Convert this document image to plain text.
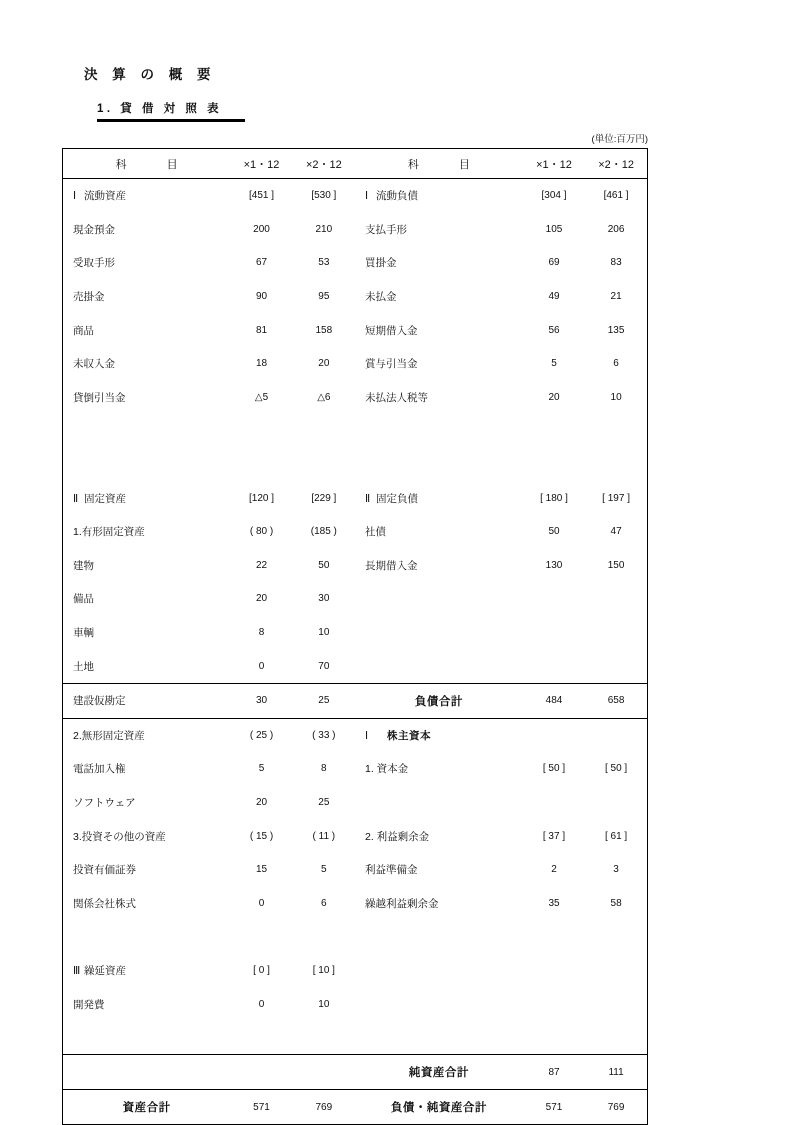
決 算 の 概 要
1. 貸 借 対 照 表
(単位:百万円)
科　　目	×1・12	×2・12	科　　目	×1・12	×2・12
Ⅰ 流動資産	[451 ]	[530 ]	Ⅰ 流動負債	[304 ]	[461 ]
現金預金	200	210	支払手形	105	206
受取手形	67	53	買掛金	69	83
売掛金	90	95	未払金	49	21
商品	81	158	短期借入金	56	135
未収入金	18	20	賞与引当金	5	6
貸倒引当金	△5	△6	未払法人税等	20	10

Ⅱ 固定資産	[120 ]	[229 ]	Ⅱ 固定負債	[ 180 ]	[ 197 ]
1.有形固定資産	( 80 )	(185 )	社債	50	47
建物	22	50	長期借入金	130	150
備品	20	30			
車輌	8	10			
土地	0	70			
建設仮勘定	30	25	負債合計	484	658
2.無形固定資産	( 25 )	( 33 )	Ⅰ 株主資本		
電話加入権	5	8	1. 資本金	[ 50 ]	[ 50 ]
ソフトウェア	20	25			
3.投資その他の資産	( 15 )	( 11 )	2. 利益剰余金	[ 37 ]	[ 61 ]
投資有価証券	15	5	利益準備金	2	3
関係会社株式	0	6	繰越利益剰余金	35	58

Ⅲ 繰延資産	[ 0 ]	[ 10 ]			
開発費	0	10			

			純資産合計	87	111
資産合計	571	769	負債・純資産合計	571	769
